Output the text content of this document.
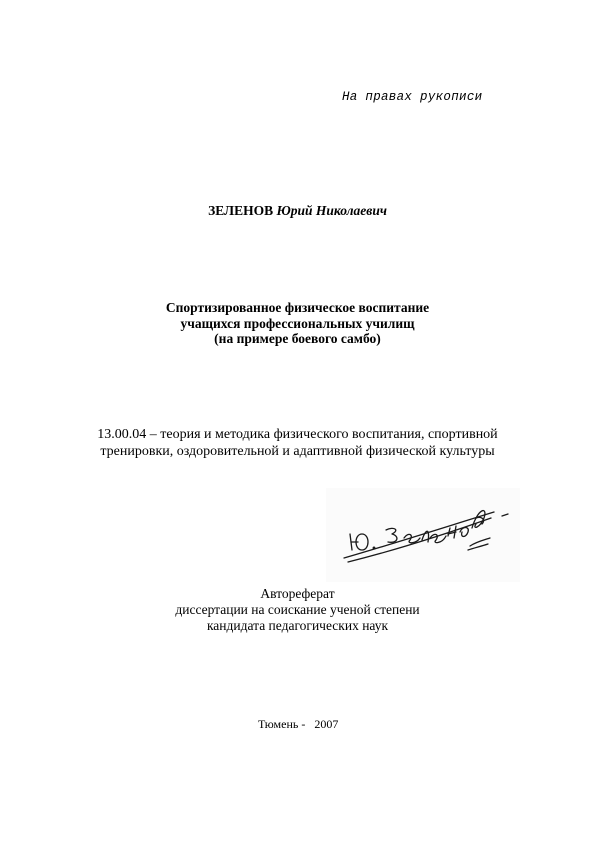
На правах рукописи
ЗЕЛЕНОВ Юрий Николаевич
Спортизированное физическое воспитание
учащихся профессиональных училищ
(на примере боевого самбо)
13.00.04 – теория и методика физического воспитания, спортивной
тренировки, оздоровительной и адаптивной физической культуры
Автореферат
диссертации на соискание ученой степени
кандидата педагогических наук
Тюмень - 2007
